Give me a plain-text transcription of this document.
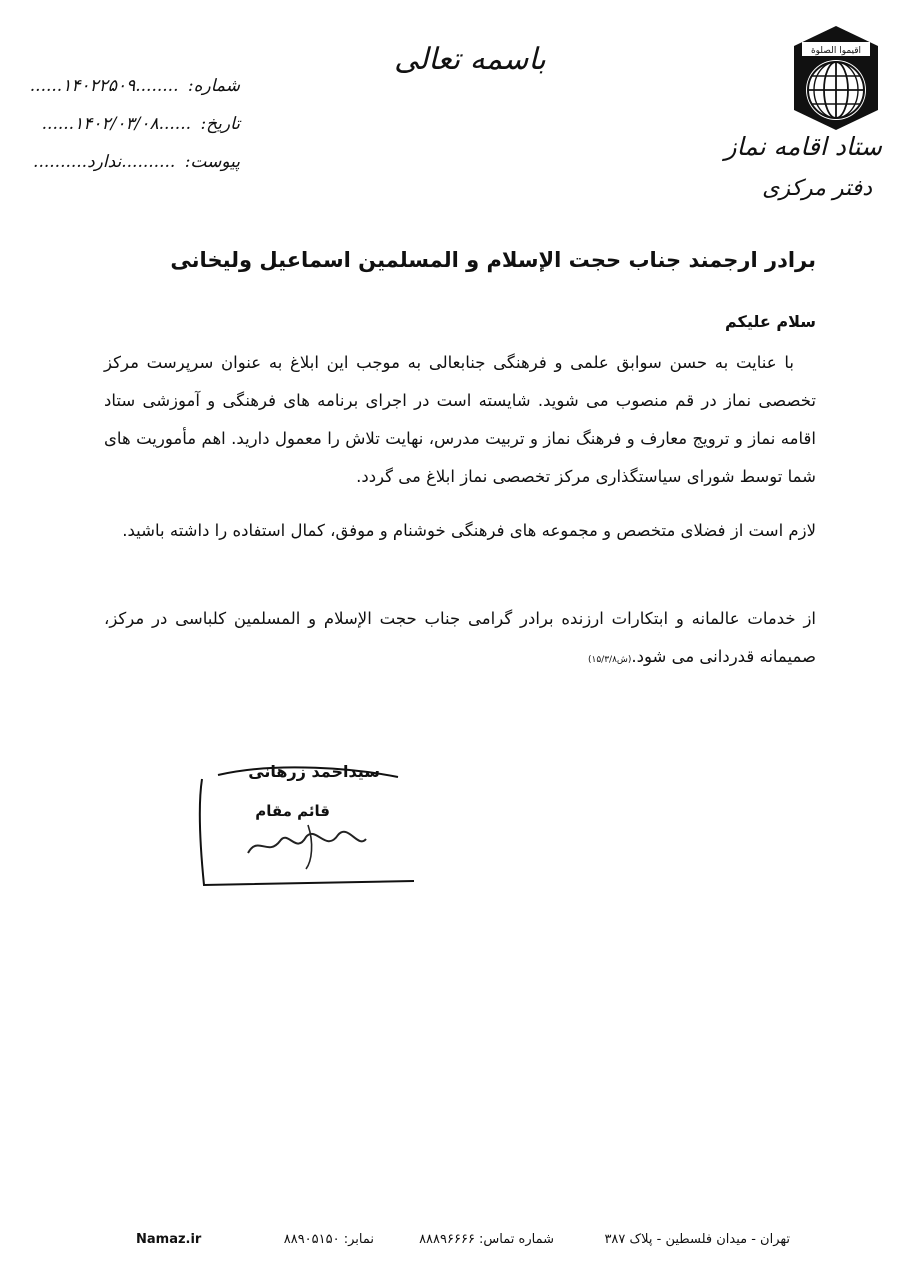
اقیموا الصلوة
ستاد اقامه نماز
دفتر مرکزی
باسمه تعالی
شماره: ........۱۴۰۲۲۵۰۹......
تاریخ: ......۱۴۰۲/۰۳/۰۸......
پیوست: ..........ندارد..........
برادر ارجمند جناب حجت الإسلام و المسلمین اسماعیل ولیخانی
سلام علیکم
با عنایت به حسن سوابق علمی و فرهنگی جنابعالی به موجب این ابلاغ به عنوان سرپرست مرکز تخصصی نماز در قم منصوب می شوید. شایسته است در اجرای برنامه های فرهنگی و آموزشی ستاد اقامه نماز و ترویج معارف و فرهنگ نماز و تربیت مدرس، نهایت تلاش را معمول دارید. اهم مأموریت های شما توسط شورای سیاستگذاری مرکز تخصصی نماز ابلاغ می گردد.
لازم است از فضلای متخصص و مجموعه های فرهنگی خوشنام و موفق، کمال استفاده را داشته باشید.
از خدمات عالمانه و ابتکارات ارزنده برادر گرامی جناب حجت الإسلام و المسلمین کلباسی در مرکز، صمیمانه قدردانی می شود.(ش۱۵/۳/۸)
سیداحمد زرهانی
قائم مقام
تهران - میدان فلسطین - پلاک ۳۸۷
شماره تماس: ۸۸۸۹۶۶۶۶
نمابر: ۸۸۹۰۵۱۵۰
Namaz.ir
